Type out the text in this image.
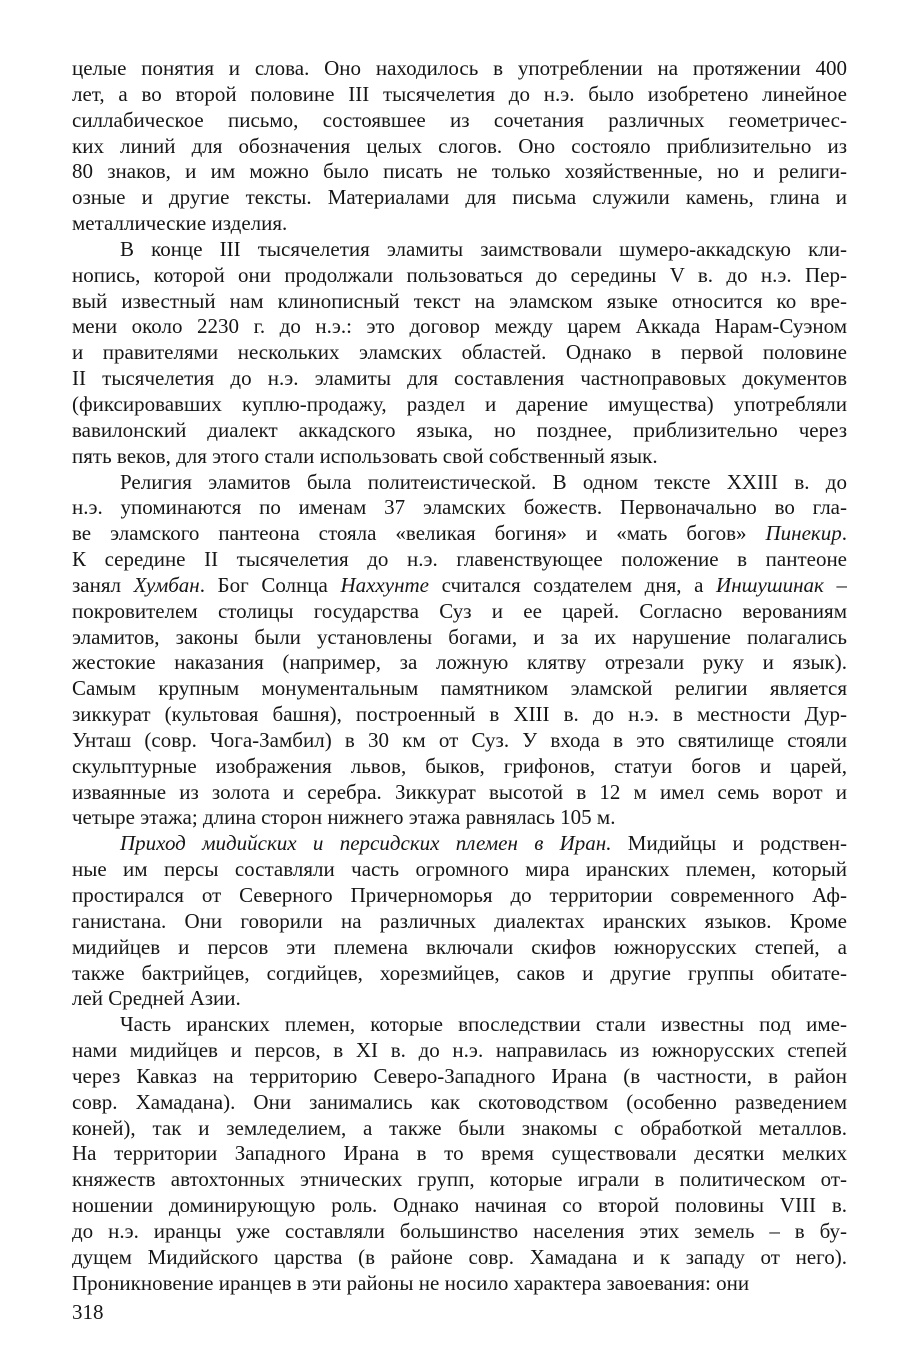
целые понятия и слова. Оно находилось в употреблении на протяжении 400
лет, а во второй половине III тысячелетия до н.э. было изобретено линейное
силлабическое письмо, состоявшее из сочетания различных геометричес-
ких линий для обозначения целых слогов. Оно состояло приблизительно из
80 знаков, и им можно было писать не только хозяйственные, но и религи-
озные и другие тексты. Материалами для письма служили камень, глина и
металлические изделия.
В конце III тысячелетия эламиты заимствовали шумеро-аккадскую кли-
нопись, которой они продолжали пользоваться до середины V в. до н.э. Пер-
вый известный нам клинописный текст на эламском языке относится ко вре-
мени около 2230 г. до н.э.: это договор между царем Аккада Нарам-Суэном
и правителями нескольких эламских областей. Однако в первой половине
II тысячелетия до н.э. эламиты для составления частноправовых документов
(фиксировавших куплю-продажу, раздел и дарение имущества) употребляли
вавилонский диалект аккадского языка, но позднее, приблизительно через
пять веков, для этого стали использовать свой собственный язык.
Религия эламитов была политеистической. В одном тексте XXIII в. до
н.э. упоминаются по именам 37 эламских божеств. Первоначально во гла-
ве эламского пантеона стояла «великая богиня» и «мать богов» Пинекир.
К середине II тысячелетия до н.э. главенствующее положение в пантеоне
занял Хумбан. Бог Солнца Наххунте считался создателем дня, а Иншушинак –
покровителем столицы государства Суз и ее царей. Согласно верованиям
эламитов, законы были установлены богами, и за их нарушение полагались
жестокие наказания (например, за ложную клятву отрезали руку и язык).
Самым крупным монументальным памятником эламской религии является
зиккурат (культовая башня), построенный в XIII в. до н.э. в местности Дур-
Унташ (совр. Чога-Замбил) в 30 км от Суз. У входа в это святилище стояли
скульптурные изображения львов, быков, грифонов, статуи богов и царей,
изваянные из золота и серебра. Зиккурат высотой в 12 м имел семь ворот и
четыре этажа; длина сторон нижнего этажа равнялась 105 м.
Приход мидийских и персидских племен в Иран. Мидийцы и родствен-
ные им персы составляли часть огромного мира иранских племен, который
простирался от Северного Причерноморья до территории современного Аф-
ганистана. Они говорили на различных диалектах иранских языков. Кроме
мидийцев и персов эти племена включали скифов южнорусских степей, а
также бактрийцев, согдийцев, хорезмийцев, саков и другие группы обитате-
лей Средней Азии.
Часть иранских племен, которые впоследствии стали известны под име-
нами мидийцев и персов, в XI в. до н.э. направилась из южнорусских степей
через Кавказ на территорию Северо-Западного Ирана (в частности, в район
совр. Хамадана). Они занимались как скотоводством (особенно разведением
коней), так и земледелием, а также были знакомы с обработкой металлов.
На территории Западного Ирана в то время существовали десятки мелких
княжеств автохтонных этнических групп, которые играли в политическом от-
ношении доминирующую роль. Однако начиная со второй половины VIII в.
до н.э. иранцы уже составляли большинство населения этих земель – в бу-
дущем Мидийского царства (в районе совр. Хамадана и к западу от него).
Проникновение иранцев в эти районы не носило характера завоевания: они
318
